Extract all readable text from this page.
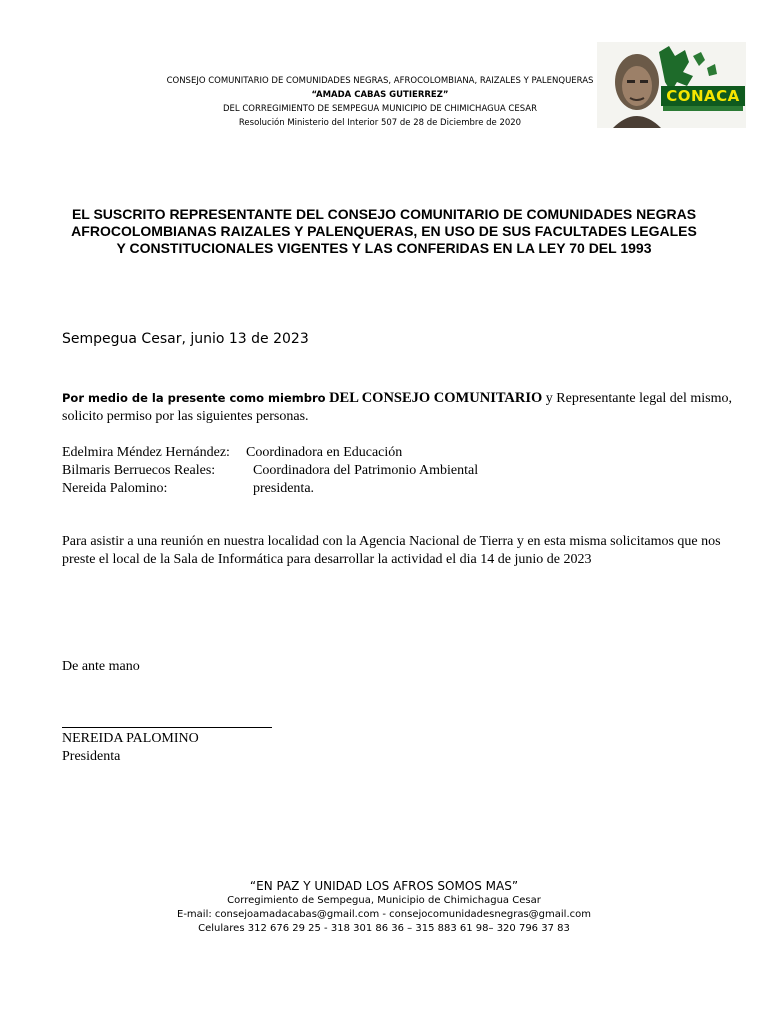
CONSEJO COMUNITARIO DE COMUNIDADES NEGRAS, AFROCOLOMBIANA, RAIZALES Y PALENQUERAS
“AMADA CABAS GUTIERREZ”
DEL CORREGIMIENTO DE SEMPEGUA MUNICIPIO DE CHIMICHAGUA CESAR
Resolución Ministerio del Interior 507 de 28 de Diciembre de 2020
CONACA
EL SUSCRITO REPRESENTANTE DEL CONSEJO COMUNITARIO DE COMUNIDADES NEGRAS AFROCOLOMBIANAS RAIZALES Y PALENQUERAS, EN USO DE SUS FACULTADES LEGALES Y CONSTITUCIONALES VIGENTES Y LAS CONFERIDAS EN LA LEY 70 DEL 1993
Sempegua Cesar, junio 13 de 2023
Por medio de la presente como miembro DEL CONSEJO COMUNITARIO y Representante legal del mismo, solicito permiso por las siguientes personas.
Edelmira Méndez Hernández: Coordinadora en Educación
Bilmaris Berruecos Reales:	Coordinadora del Patrimonio Ambiental
Nereida Palomino:	presidenta.
Para asistir a una reunión en nuestra localidad con la Agencia Nacional de Tierra y en esta misma solicitamos que nos preste el local de la Sala de Informática para desarrollar la actividad el dia 14 de junio de 2023
De ante mano
NEREIDA PALOMINO
Presidenta
“EN PAZ Y UNIDAD LOS AFROS SOMOS MAS”
Corregimiento de Sempegua, Municipio de Chimichagua Cesar
E-mail: consejoamadacabas@gmail.com - consejocomunidadesnegras@gmail.com
Celulares 312 676 29 25 - 318 301 86 36 – 315 883 61 98– 320 796 37 83
